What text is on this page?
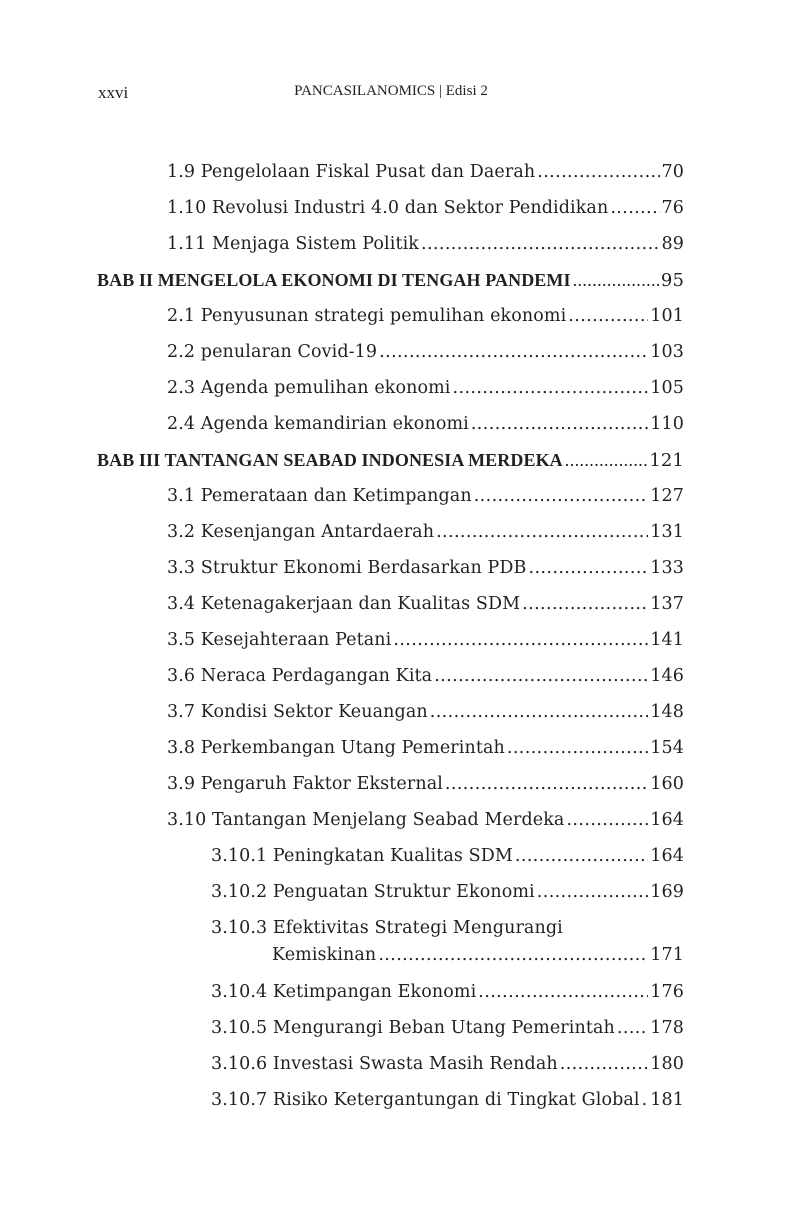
xxvi	PANCASILANOMICS | Edisi 2
1.9 Pengelolaan Fiskal Pusat dan Daerah .....	70
1.10 Revolusi Industri 4.0 dan Sektor Pendidikan .....	76
1.11 Menjaga Sistem Politik .....	89
BAB II MENGELOLA EKONOMI DI TENGAH PANDEMI .....	95
2.1 Penyusunan strategi pemulihan ekonomi .....	101
2.2 penularan Covid-19 .....	103
2.3 Agenda pemulihan ekonomi .....	105
2.4 Agenda kemandirian ekonomi .....	110
BAB III TANTANGAN SEABAD INDONESIA MERDEKA .....	121
3.1 Pemerataan dan Ketimpangan .....	127
3.2 Kesenjangan Antardaerah .....	131
3.3 Struktur Ekonomi Berdasarkan PDB .....	133
3.4 Ketenagakerjaan dan Kualitas SDM .....	137
3.5 Kesejahteraan Petani .....	141
3.6 Neraca Perdagangan Kita .....	146
3.7 Kondisi Sektor Keuangan .....	148
3.8 Perkembangan Utang Pemerintah .....	154
3.9 Pengaruh Faktor Eksternal .....	160
3.10 Tantangan Menjelang Seabad Merdeka .....	164
3.10.1 Peningkatan Kualitas SDM .....	164
3.10.2 Penguatan Struktur Ekonomi .....	169
3.10.3 Efektivitas Strategi Mengurangi
Kemiskinan .....	171
3.10.4 Ketimpangan Ekonomi .....	176
3.10.5 Mengurangi Beban Utang Pemerintah ..... 178
3.10.6 Investasi Swasta Masih Rendah .....	180
3.10.7 Risiko Ketergantungan di Tingkat Global ..... 181
